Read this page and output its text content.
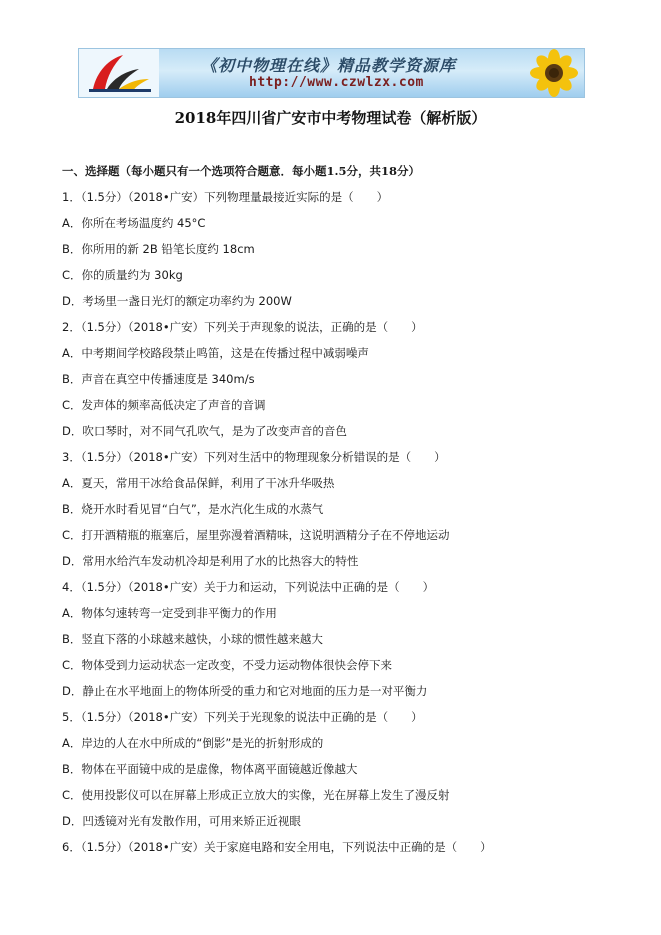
《初中物理在线》精品教学资源库
http://www.czwlzx.com
2018年四川省广安市中考物理试卷（解析版）
一、选择题（每小题只有一个选项符合题意．每小题1.5分，共18分）
1．（1.5分）（2018•广安）下列物理量最接近实际的是（　　）
A．你所在考场温度约 45°C
B．你所用的新 2B 铅笔长度约 18cm
C．你的质量约为 30kg
D．考场里一盏日光灯的额定功率约为 200W
2．（1.5分）（2018•广安）下列关于声现象的说法，正确的是（　　）
A．中考期间学校路段禁止鸣笛，这是在传播过程中减弱噪声
B．声音在真空中传播速度是 340m/s
C．发声体的频率高低决定了声音的音调
D．吹口琴时，对不同气孔吹气，是为了改变声音的音色
3．（1.5分）（2018•广安）下列对生活中的物理现象分析错误的是（　　）
A．夏天，常用干冰给食品保鲜，利用了干冰升华吸热
B．烧开水时看见冒“白气”，是水汽化生成的水蒸气
C．打开酒精瓶的瓶塞后，屋里弥漫着酒精味，这说明酒精分子在不停地运动
D．常用水给汽车发动机冷却是利用了水的比热容大的特性
4．（1.5分）（2018•广安）关于力和运动，下列说法中正确的是（　　）
A．物体匀速转弯一定受到非平衡力的作用
B．竖直下落的小球越来越快，小球的惯性越来越大
C．物体受到力运动状态一定改变，不受力运动物体很快会停下来
D．静止在水平地面上的物体所受的重力和它对地面的压力是一对平衡力
5．（1.5分）（2018•广安）下列关于光现象的说法中正确的是（　　）
A．岸边的人在水中所成的“倒影”是光的折射形成的
B．物体在平面镜中成的是虚像，物体离平面镜越近像越大
C．使用投影仪可以在屏幕上形成正立放大的实像，光在屏幕上发生了漫反射
D．凹透镜对光有发散作用，可用来矫正近视眼
6．（1.5分）（2018•广安）关于家庭电路和安全用电，下列说法中正确的是（　　）
